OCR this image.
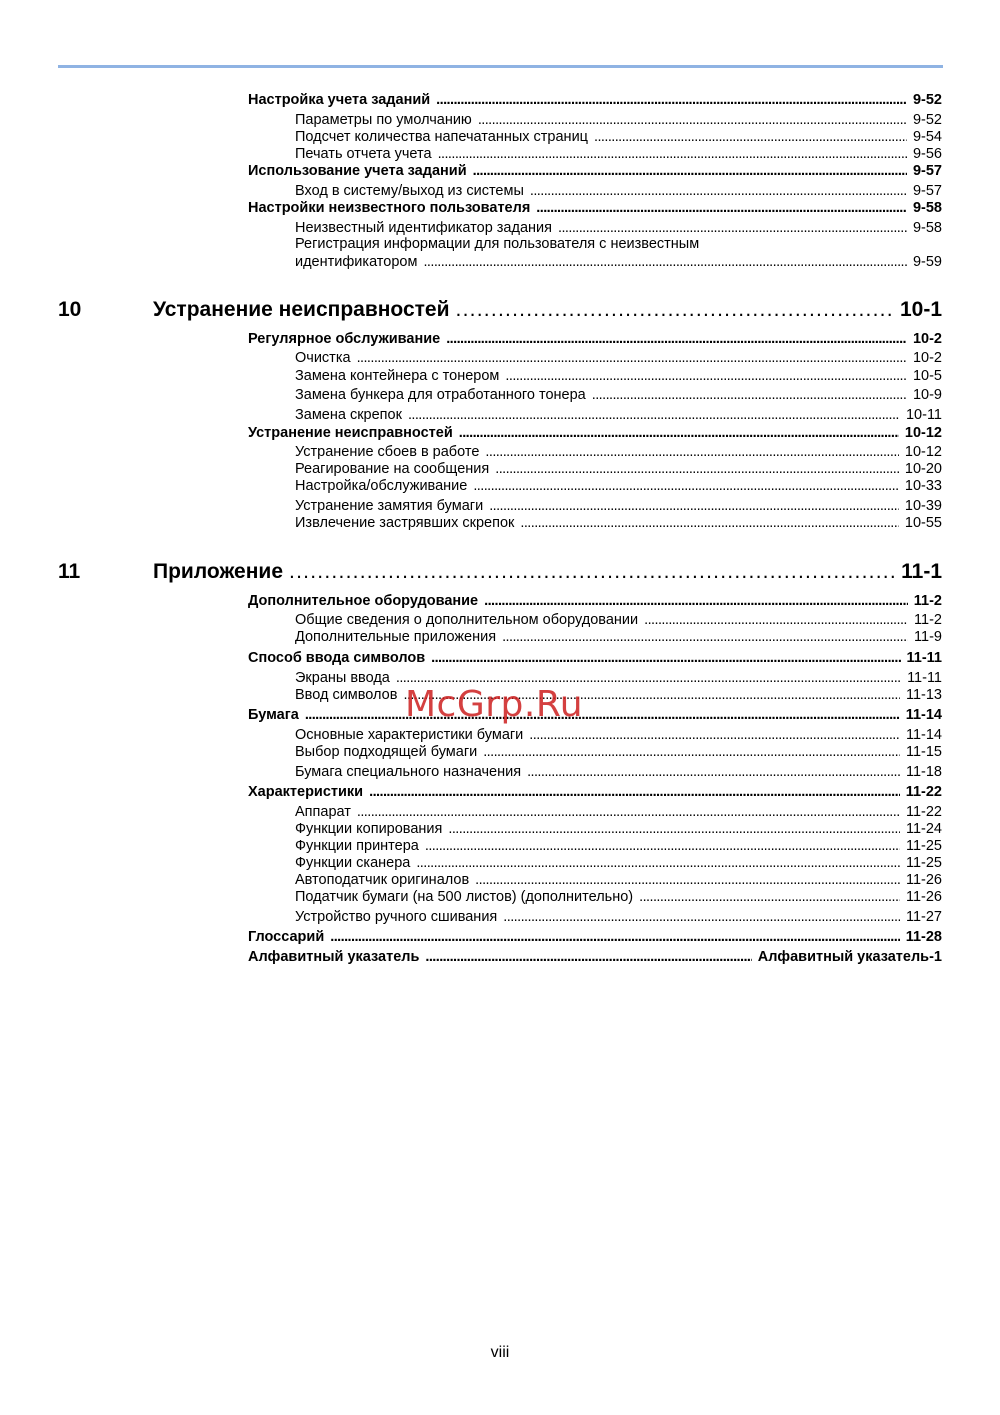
Настройка учета заданий . . .	9-52
Параметры по умолчанию . . .	9-52
Подсчет количества напечатанных страниц . . .	9-54
Печать отчета учета . . .	9-56
Использование учета заданий . . .	9-57
Вход в систему/выход из системы . . .	9-57
Настройки неизвестного пользователя . . .	9-58
Неизвестный идентификатор задания . . .	9-58
Регистрация информации для пользователя с неизвестным
идентификатором . . .	9-59
10	Устранение неисправностей . . .	10-1
Регулярное обслуживание . . .	10-2
Очистка . . .	10-2
Замена контейнера с тонером . . .	10-5
Замена бункера для отработанного тонера . . .	10-9
Замена скрепок . . .	10-11
Устранение неисправностей . . .	10-12
Устранение сбоев в работе . . .	10-12
Реагирование на сообщения . . .	10-20
Настройка/обслуживание . . .	10-33
Устранение замятия бумаги . . .	10-39
Извлечение застрявших скрепок . . .	10-55
11	Приложение . . .	11-1
Дополнительное оборудование . . .	11-2
Общие сведения о дополнительном оборудовании . . .	11-2
Дополнительные приложения . . .	11-9
Способ ввода символов . . .	11-11
Экраны ввода . . .	11-11
Ввод символов . . .	11-13
Бумага . . .	11-14
Основные характеристики бумаги . . .	11-14
Выбор подходящей бумаги . . .	11-15
Бумага специального назначения . . .	11-18
Характеристики . . .	11-22
Аппарат . . .	11-22
Функции копирования . . .	11-24
Функции принтера . . .	11-25
Функции сканера . . .	11-25
Автоподатчик оригиналов . . .	11-26
Податчик бумаги (на 500 листов) (дополнительно) . . .	11-26
Устройство ручного сшивания . . .	11-27
Глоссарий . . .	11-28
Алфавитный указатель . . .	Алфавитный указатель-1
McGrp.Ru
viii
